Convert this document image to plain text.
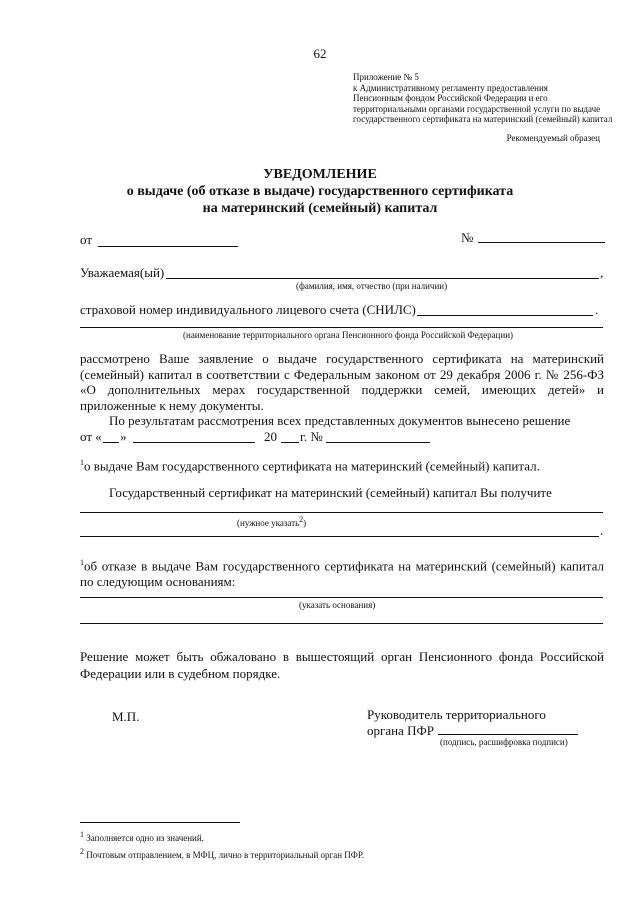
62
Приложение № 5
к Административному регламенту предоставления
Пенсионным фондом Российской Федерации и его
территориальными органами государственной услуги по выдаче
государственного сертификата на материнский (семейный) капитал
Рекомендуемый образец
УВЕДОМЛЕНИЕ
о выдаче (об отказе в выдаче) государственного сертификата
на материнский (семейный) капитал
от	№
Уважаемая(ый)	,
(фамилия, имя, отчество (при наличии)
страховой номер индивидуального лицевого счета (СНИЛС)	.
(наименование территориального органа Пенсионного фонда Российской Федерации)
рассмотрено Ваше заявление о выдаче государственного сертификата на материнский
(семейный) капитал в соответствии с Федеральным законом от 29 декабря 2006 г. № 256-ФЗ
«О дополнительных мерах государственной поддержки семей, имеющих детей» и
приложенные к нему документы.
По результатам рассмотрения всех представленных документов вынесено решение
от « »	20 г. №
$^1$о выдаче Вам государственного сертификата на материнский (семейный) капитал.
Государственный сертификат на материнский (семейный) капитал Вы получите
(нужное указать$^2$)	.
$^1$об отказе в выдаче Вам государственного сертификата на материнский (семейный) капитал
по следующим основаниям:
(указать основания)
Решение может быть обжаловано в вышестоящий орган Пенсионного фонда Российской
Федерации или в судебном порядке.
М.П.	Руководитель территориального
органа ПФР
(подпись, расшифровка подписи)
$^1$ Заполняется одно из значений.
$^2$ Почтовым отправлением, в МФЦ, лично в территориальный орган ПФР.
